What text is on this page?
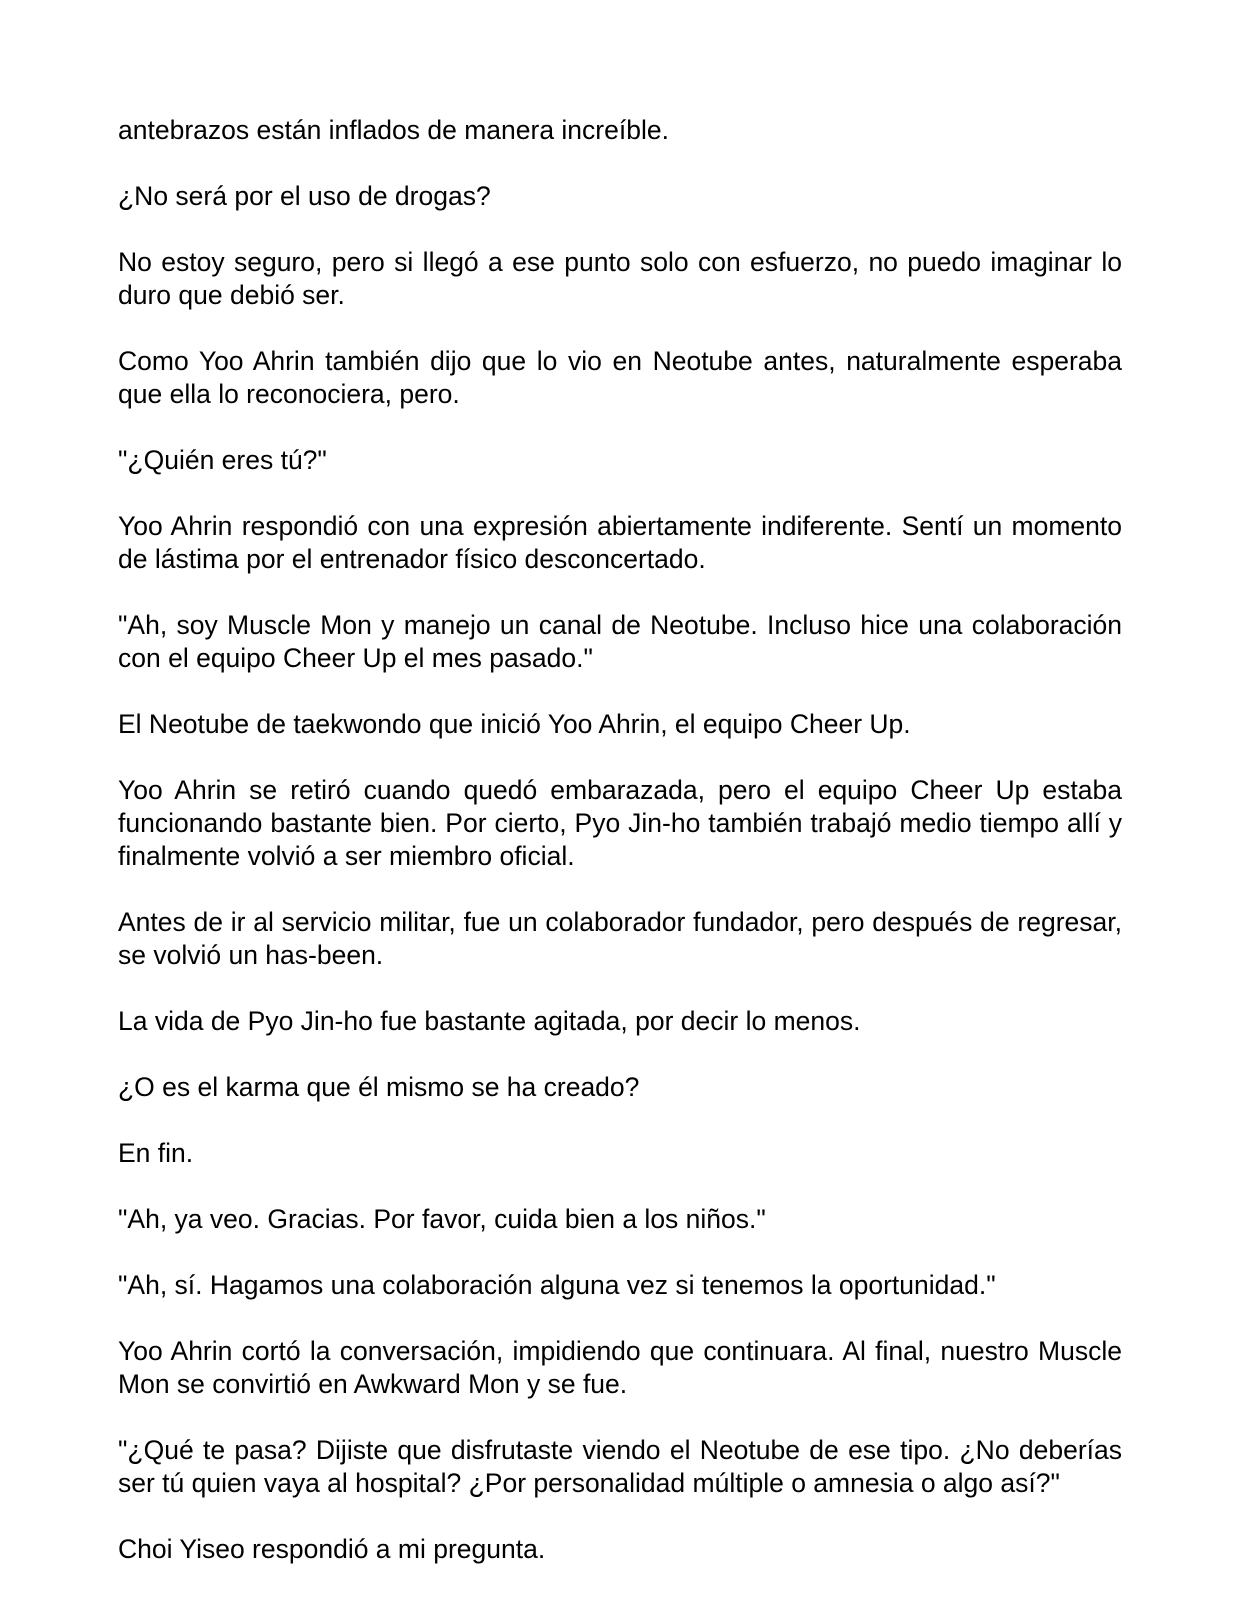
antebrazos están inflados de manera increíble.

¿No será por el uso de drogas?

No estoy seguro, pero si llegó a ese punto solo con esfuerzo, no puedo imaginar lo duro que debió ser.

Como Yoo Ahrin también dijo que lo vio en Neotube antes, naturalmente esperaba que ella lo reconociera, pero.

"¿Quién eres tú?"

Yoo Ahrin respondió con una expresión abiertamente indiferente. Sentí un momento de lástima por el entrenador físico desconcertado.

"Ah, soy Muscle Mon y manejo un canal de Neotube. Incluso hice una colaboración con el equipo Cheer Up el mes pasado."

El Neotube de taekwondo que inició Yoo Ahrin, el equipo Cheer Up.

Yoo Ahrin se retiró cuando quedó embarazada, pero el equipo Cheer Up estaba funcionando bastante bien. Por cierto, Pyo Jin-ho también trabajó medio tiempo allí y finalmente volvió a ser miembro oficial.

Antes de ir al servicio militar, fue un colaborador fundador, pero después de regresar, se volvió un has-been.

La vida de Pyo Jin-ho fue bastante agitada, por decir lo menos.

¿O es el karma que él mismo se ha creado?

En fin.

"Ah, ya veo. Gracias. Por favor, cuida bien a los niños."

"Ah, sí. Hagamos una colaboración alguna vez si tenemos la oportunidad."

Yoo Ahrin cortó la conversación, impidiendo que continuara. Al final, nuestro Muscle Mon se convirtió en Awkward Mon y se fue.

"¿Qué te pasa? Dijiste que disfrutaste viendo el Neotube de ese tipo. ¿No deberías ser tú quien vaya al hospital? ¿Por personalidad múltiple o amnesia o algo así?"

Choi Yiseo respondió a mi pregunta.
